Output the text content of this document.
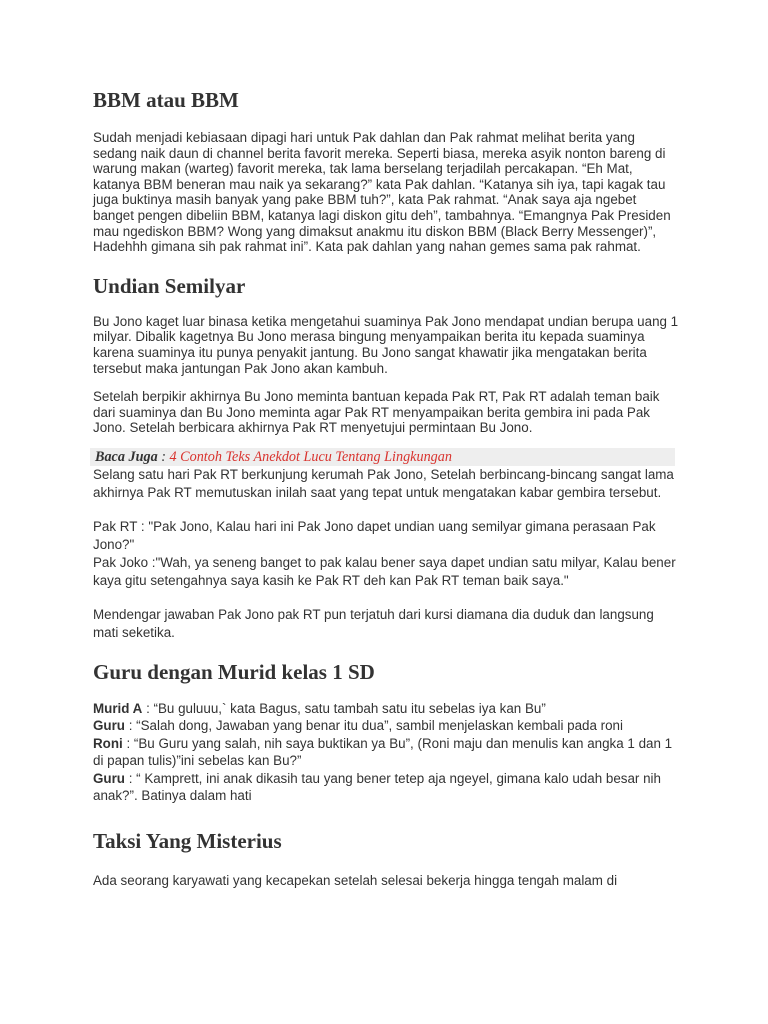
BBM atau BBM

Sudah menjadi kebiasaan dipagi hari untuk Pak dahlan dan Pak rahmat melihat berita yang sedang naik daun di channel berita favorit mereka. Seperti biasa, mereka asyik nonton bareng di warung makan (warteg) favorit mereka, tak lama berselang terjadilah percakapan. “Eh Mat, katanya BBM beneran mau naik ya sekarang?” kata Pak dahlan. “Katanya sih iya, tapi kagak tau juga buktinya masih banyak yang pake BBM tuh?”, kata Pak rahmat. “Anak saya aja ngebet banget pengen dibeliin BBM, katanya lagi diskon gitu deh”, tambahnya. “Emangnya Pak Presiden mau ngediskon BBM? Wong yang dimaksut anakmu itu diskon BBM (Black Berry Messenger)”, Hadehhh gimana sih pak rahmat ini”. Kata pak dahlan yang nahan gemes sama pak rahmat.

Undian Semilyar

Bu Jono kaget luar binasa ketika mengetahui suaminya Pak Jono mendapat undian berupa uang 1 milyar. Dibalik kagetnya Bu Jono merasa bingung menyampaikan berita itu kepada suaminya karena suaminya itu punya penyakit jantung. Bu Jono sangat khawatir jika mengatakan berita tersebut maka jantungan Pak Jono akan kambuh.

Setelah berpikir akhirnya Bu Jono meminta bantuan kepada Pak RT, Pak RT adalah teman baik dari suaminya dan Bu Jono meminta agar Pak RT menyampaikan berita gembira ini pada Pak Jono. Setelah berbicara akhirnya Pak RT menyetujui permintaan Bu Jono.

Baca Juga : 4 Contoh Teks Anekdot Lucu Tentang Lingkungan

Selang satu hari Pak RT berkunjung kerumah Pak Jono, Setelah berbincang-bincang sangat lama akhirnya Pak RT memutuskan inilah saat yang tepat untuk mengatakan kabar gembira tersebut.

Pak RT : "Pak Jono, Kalau hari ini Pak Jono dapet undian uang semilyar gimana perasaan Pak Jono?"

Pak Joko :"Wah, ya seneng banget to pak kalau bener saya dapet undian satu milyar, Kalau bener kaya gitu setengahnya saya kasih ke Pak RT deh kan Pak RT teman baik saya."

Mendengar jawaban Pak Jono pak RT pun terjatuh dari kursi diamana dia duduk dan langsung mati seketika.

Guru dengan Murid kelas 1 SD

Murid A : “Bu guluuu,` kata Bagus, satu tambah satu itu sebelas iya kan Bu”

Guru : “Salah dong, Jawaban yang benar itu dua”, sambil menjelaskan kembali pada roni

Roni : “Bu Guru yang salah, nih saya buktikan ya Bu”, (Roni maju dan menulis kan angka 1 dan 1 di papan tulis)”ini sebelas kan Bu?”

Guru : “ Kamprett, ini anak dikasih tau yang bener tetep aja ngeyel, gimana kalo udah besar nih anak?”. Batinya dalam hati

Taksi Yang Misterius

Ada seorang karyawati yang kecapekan setelah selesai bekerja hingga tengah malam di
